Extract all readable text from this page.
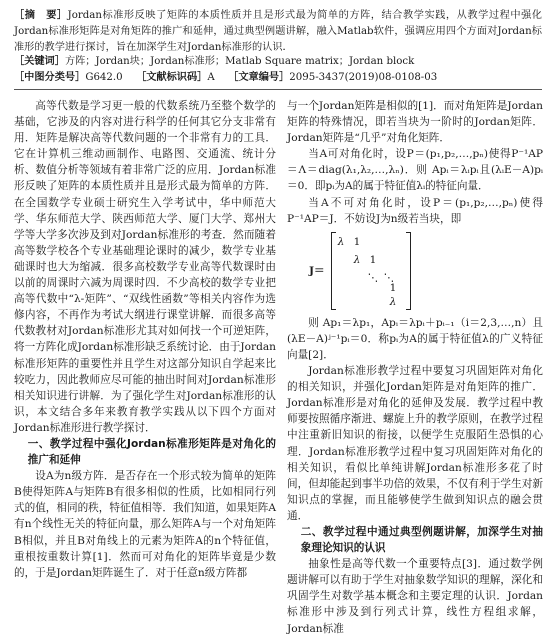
［摘　要］Jordan标准形反映了矩阵的本质性质并且是形式最为简单的方阵，结合教学实践，从教学过程中强化Jordan标准形矩阵是对角矩阵的推广和延伸，通过典型例题讲解，融入Matlab软件，强调应用四个方面对Jordan标准形的教学进行探讨，旨在加深学生对Jordan标准形的认识．
［关键词］方阵；Jordan块；Jordan标准形；Matlab Square matrix；Jordan block
［中图分类号］G642.0　 ［文献标识码］A　 ［文章编号］2095-3437(2019)08-0108-03

高等代数是学习更一般的代数系统乃至整个数学的基础，它涉及的内容对进行科学的任何其它分支非常有用．矩阵是解决高等代数问题的一个非常有力的工具．它在计算机三维动画制作、电路图、交通流、统计分析、数值分析等领域有着非常广泛的应用．Jordan标准形反映了矩阵的本质性质并且是形式最为简单的方阵．在全国数学专业硕士研究生入学考试中，华中师范大学、华东师范大学、陕西师范大学、厦门大学、郑州大学等大学多次涉及到对Jordan标准形的考查．然而随着高等数学校各个专业基础理论课时的减少，数学专业基础课时也大为缩减．很多高校数学专业高等代数课时由以前的周课时六减为周课时四．不少高校的数学专业把高等代数中“λ-矩阵”、“双线性函数”等相关内容作为选修内容，不再作为考试大纲进行课堂讲解．而很多高等代数教材对Jordan标准形尤其对如何找一个可逆矩阵，将一方阵化成Jordan标准形缺乏系统讨论．由于Jordan标准形矩阵的重要性并且学生对这部分知识自学起来比较吃力，因此教师应尽可能的抽出时间对Jordan标准形相关知识进行讲解．为了强化学生对Jordan标准形的认识，本文结合多年来教育教学实践从以下四个方面对Jordan标准形进行教学探讨．

一、教学过程中强化Jordan标准形矩阵是对角化的推广和延伸

设A为n级方阵．是否存在一个形式较为简单的矩阵B使得矩阵A与矩阵B有很多相似的性质，比如相同行列式的值，相同的秩，特征值相等．我们知道，如果矩阵A有n个线性无关的特征向量，那么矩阵A与一个对角矩阵B相似，并且B对角线上的元素为矩阵A的n个特征值，重根按重数计算[1]．然而可对角化的矩阵毕竟是少数的，于是Jordan矩阵诞生了．对于任意n级方阵都

与一个Jordan矩阵是相似的[1]．而对角矩阵是Jordan矩阵的特殊情况，即若当块为一阶时的Jordan矩阵．Jordan矩阵是“几乎”对角化矩阵．

当A可对角化时，设P＝(p₁,p₂,…,pₙ)使得P⁻¹AP＝Λ＝diag(λ₁,λ₂,…,λₙ)．则 Apᵢ＝λᵢpᵢ且(λᵢE－A)pᵢ＝0．即pᵢ为A的属于特征值λᵢ的特征向量．

当A不可对角化时，设P＝(p₁,p₂,…,pₙ)使得P⁻¹AP＝J．不妨设J为n级若当块，即

J＝
λ 1
λ 1
⋱ ⋱
1
λ

则 Ap₁＝λp₁，Apᵢ＝λpᵢ＋pᵢ₋₁（i＝2,3,…,n）且(λE－A)ʲ⁻¹pᵢ＝0．称pᵢ为A的属于特征值λ的广义特征向量[2]．

Jordan标准形教学过程中要复习巩固矩阵对角化的相关知识，并强化Jordan矩阵是对角矩阵的推广．Jordan标准形是对角化的延伸及发展．教学过程中教师要按照循序渐进、螺旋上升的教学原则，在教学过程中注重新旧知识的衔接，以便学生克服陌生恐惧的心理．Jordan标准形教学过程中复习巩固矩阵对角化的相关知识，看似比单纯讲解Jordan标准形多花了时间，但却能起到事半功倍的效果，不仅有利于学生对新知识点的掌握，而且能够使学生做到知识点的融会贯通．

二、教学过程中通过典型例题讲解，加深学生对抽象理论知识的认识

抽象性是高等代数一个重要特点[3]．通过数学例题讲解可以有助于学生对抽象数学知识的理解，深化和巩固学生对数学基本概念和主要定理的认识．Jordan标准形中涉及到行列式计算，线性方程组求解，Jordan标准
